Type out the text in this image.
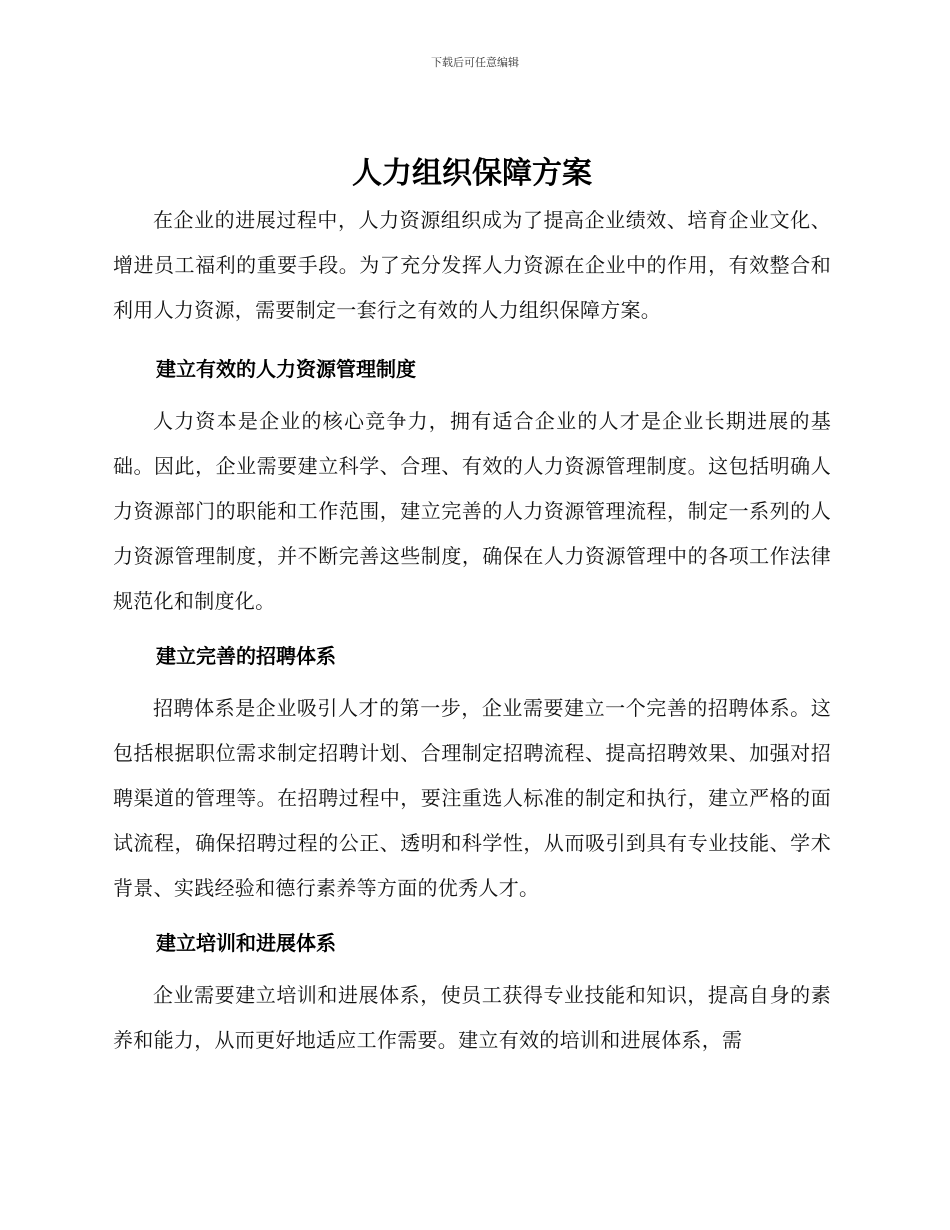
下载后可任意编辑
人力组织保障方案

在企业的进展过程中，人力资源组织成为了提高企业绩效、培育企业文化、增进员工福利的重要手段。为了充分发挥人力资源在企业中的作用，有效整合和利用人力资源，需要制定一套行之有效的人力组织保障方案。

建立有效的人力资源管理制度

人力资本是企业的核心竞争力，拥有适合企业的人才是企业长期进展的基础。因此，企业需要建立科学、合理、有效的人力资源管理制度。这包括明确人力资源部门的职能和工作范围，建立完善的人力资源管理流程，制定一系列的人力资源管理制度，并不断完善这些制度，确保在人力资源管理中的各项工作法律规范化和制度化。

建立完善的招聘体系

招聘体系是企业吸引人才的第一步，企业需要建立一个完善的招聘体系。这包括根据职位需求制定招聘计划、合理制定招聘流程、提高招聘效果、加强对招聘渠道的管理等。在招聘过程中，要注重选人标准的制定和执行，建立严格的面试流程，确保招聘过程的公正、透明和科学性，从而吸引到具有专业技能、学术背景、实践经验和德行素养等方面的优秀人才。

建立培训和进展体系

企业需要建立培训和进展体系，使员工获得专业技能和知识，提高自身的素养和能力，从而更好地适应工作需要。建立有效的培训和进展体系，需
